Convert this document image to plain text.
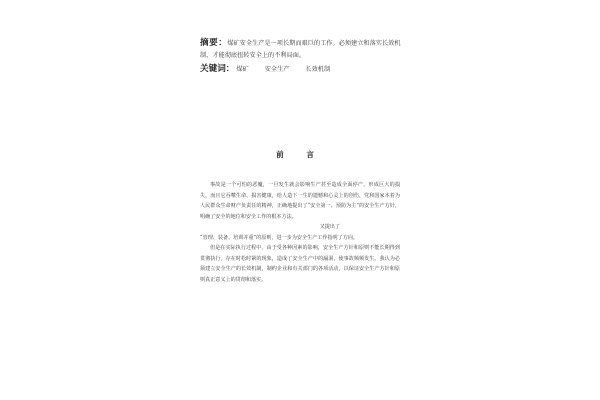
摘要：煤矿安全生产是一项长期而艰巨的工作。必须建立和落实长效机制，才能彻底扭转安全上的不利局面。
关键词： 煤矿	安全生产	长效机制
前 言

事故是一个可怕的恶魔，一旦发生就会影响生产甚至造成全面停产，形成巨大的损失，而且它吞噬生命、损害健康，给人造下一生的遗憾和心灵上的创伤，党和国家本着为人民群众生命财产负责任的精神，正确地提出了“安全第一、预防为主”的安全生产方针，明确了安全的地位和安全工作的根本方法。

又提出了

“管理、装备、培训并重”的原则，进一步为安全生产工作指明了方向。

但是在实际执行过程中，由于受各种因素的影响，安全生产方针和原则不能长期得到贯彻执行，存在时松时紧的现象，造成了安全生产中的漏洞，使事故频频发生。我认为必须建立安全生产的长效机制，制约企业和有关部门的各项活动，以保证安全生产方针和原则真正意义上的贯彻和落实。
